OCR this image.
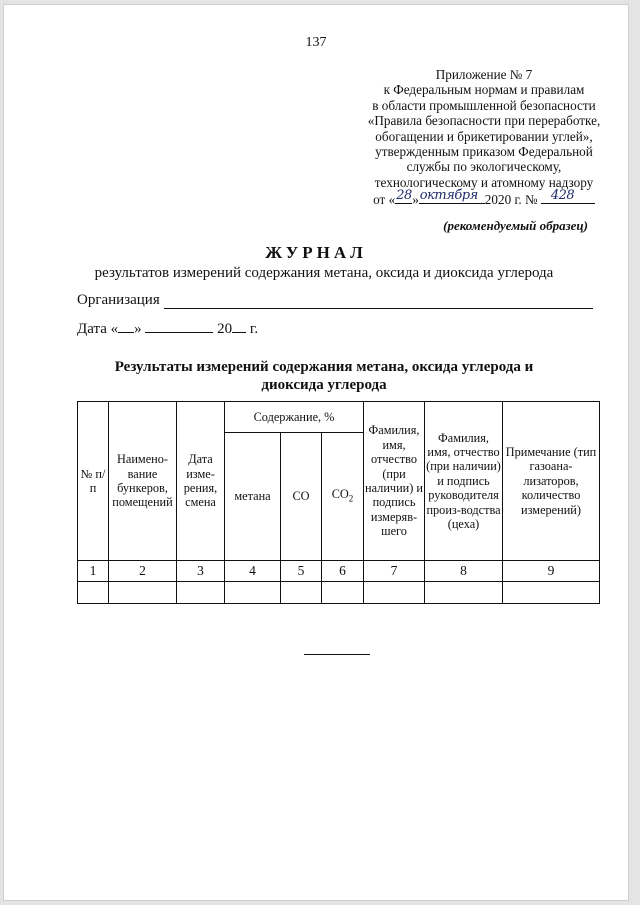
137
Приложение № 7
к Федеральным нормам и правилам
в области промышленной безопасности
«Правила безопасности при переработке,
обогащении и брикетировании углей»,
утвержденным приказом Федеральной
службы по экологическому,
технологическому и атомному надзору
от « 28 » октября 2020 г. № 428
(рекомендуемый образец)
ЖУРНАЛ
результатов измерений содержания метана, оксида и диоксида углерода
Организация
Дата « »	20 г.
Результаты измерений содержания метана, оксида углерода и диоксида углерода
№ п/п	Наимено-вание бункеров, помещений	Дата изме-рения, смена	Содержание, %			Фамилия, имя, отчество (при наличии) и подпись измеряв-шего	Фамилия, имя, отчество (при наличии) и подпись руководителя произ-водства (цеха)	Примечание (тип газоана-лизаторов, количество измерений)
			метана	CO	$CO_2$
1	2	3	4	5	6	7	8	9
